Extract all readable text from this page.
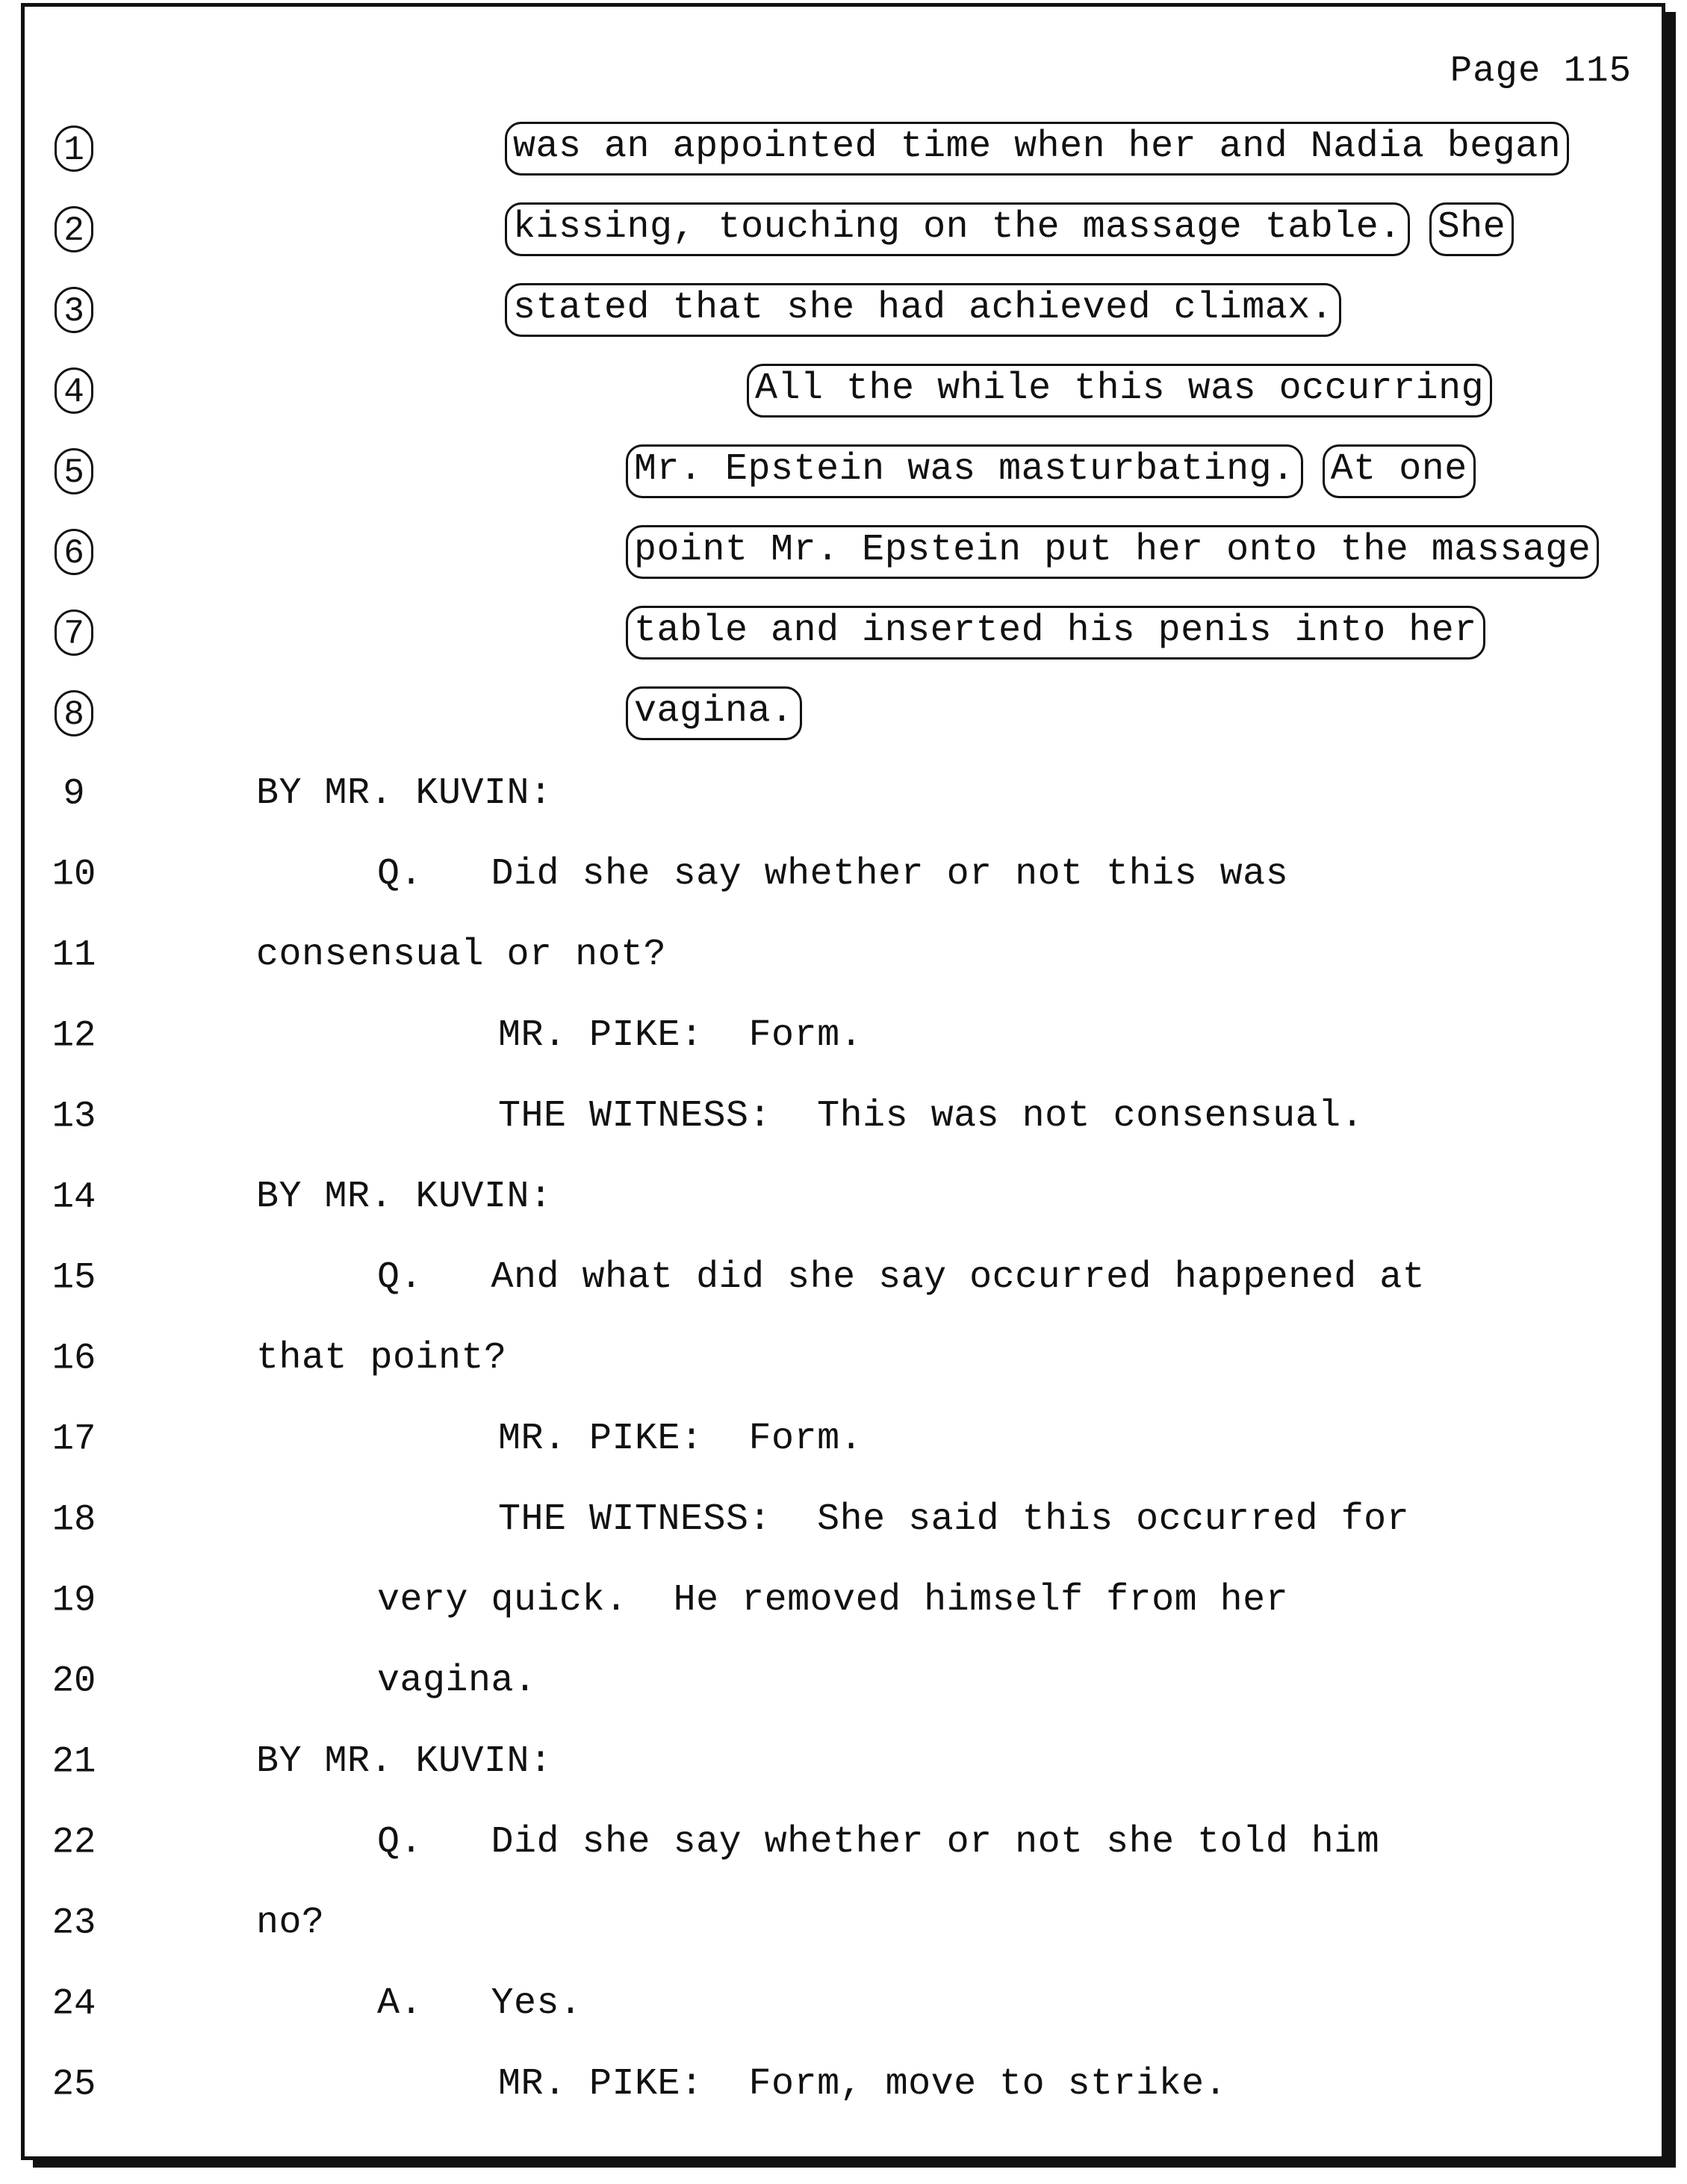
Page 115
1	was an appointed time when her and Nadia began

2	kissing, touching on the massage table. She

3	stated that she had achieved climax.

4	All the while this was occurring

5	Mr. Epstein was masturbating. At one

6	point Mr. Epstein put her onto the massage

7	table and inserted his penis into her

8	vagina.

9	BY MR. KUVIN:
10	Q.   Did she say whether or not this was
11	consensual or not?
12	MR. PIKE:  Form.
13	THE WITNESS:  This was not consensual.
14	BY MR. KUVIN:
15	Q.   And what did she say occurred happened at
16	that point?
17	MR. PIKE:  Form.
18	THE WITNESS:  She said this occurred for
19	very quick.  He removed himself from her
20	vagina.
21	BY MR. KUVIN:
22	Q.   Did she say whether or not she told him
23	no?
24	A.   Yes.
25	MR. PIKE:  Form, move to strike.
